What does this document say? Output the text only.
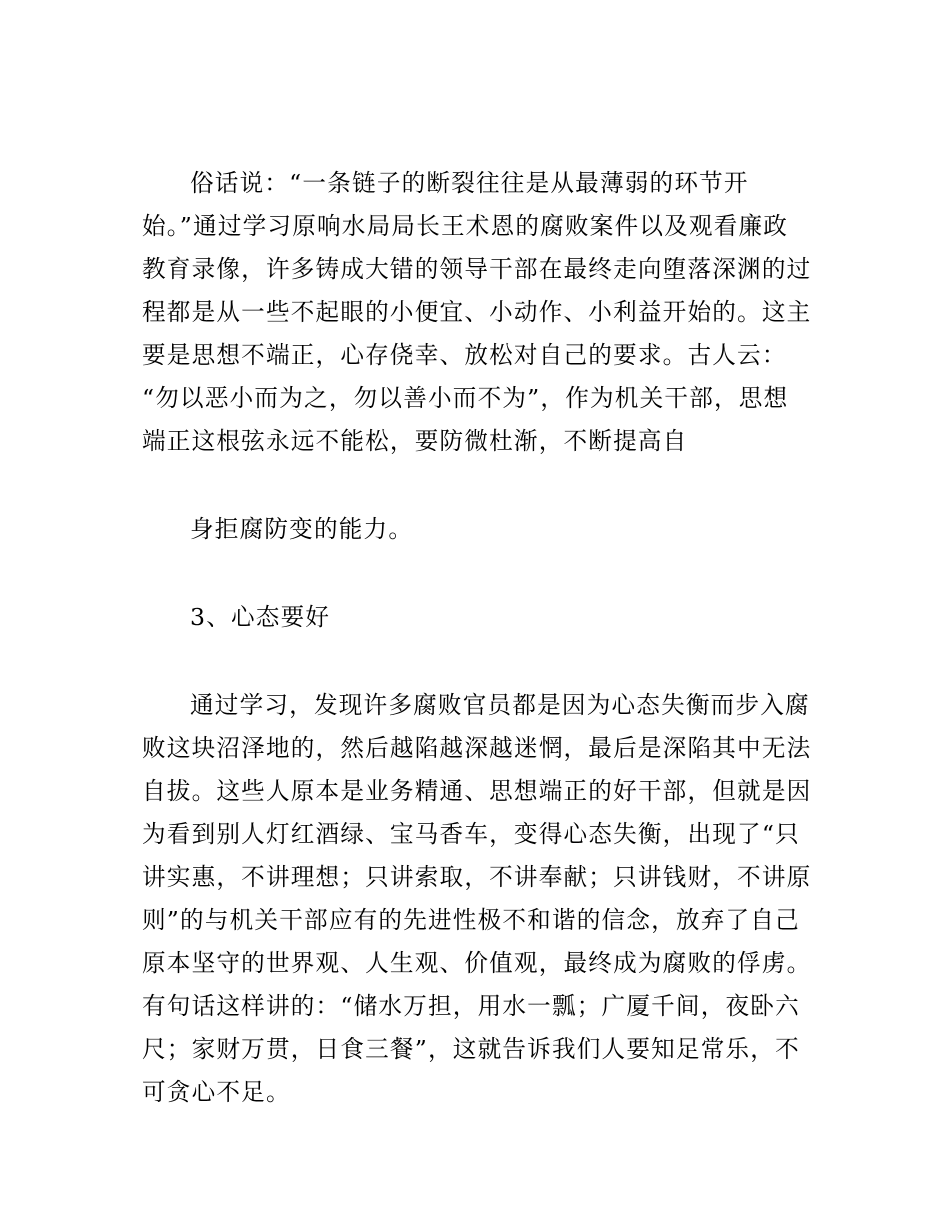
俗话说：“一条链子的断裂往往是从最薄弱的环节开
始。”通过学习原响水局局长王术恩的腐败案件以及观看廉政
教育录像，许多铸成大错的领导干部在最终走向堕落深渊的过
程都是从一些不起眼的小便宜、小动作、小利益开始的。这主
要是思想不端正，心存侥幸、放松对自己的要求。古人云：
“勿以恶小而为之，勿以善小而不为”，作为机关干部，思想
端正这根弦永远不能松，要防微杜渐，不断提高自
身拒腐防变的能力。
3、心态要好
通过学习，发现许多腐败官员都是因为心态失衡而步入腐
败这块沼泽地的，然后越陷越深越迷惘，最后是深陷其中无法
自拔。这些人原本是业务精通、思想端正的好干部，但就是因
为看到别人灯红酒绿、宝马香车，变得心态失衡，出现了“只
讲实惠，不讲理想；只讲索取，不讲奉献；只讲钱财，不讲原
则”的与机关干部应有的先进性极不和谐的信念，放弃了自己
原本坚守的世界观、人生观、价值观，最终成为腐败的俘虏。
有句话这样讲的：“储水万担，用水一瓢；广厦千间，夜卧六
尺；家财万贯，日食三餐”，这就告诉我们人要知足常乐，不
可贪心不足。
